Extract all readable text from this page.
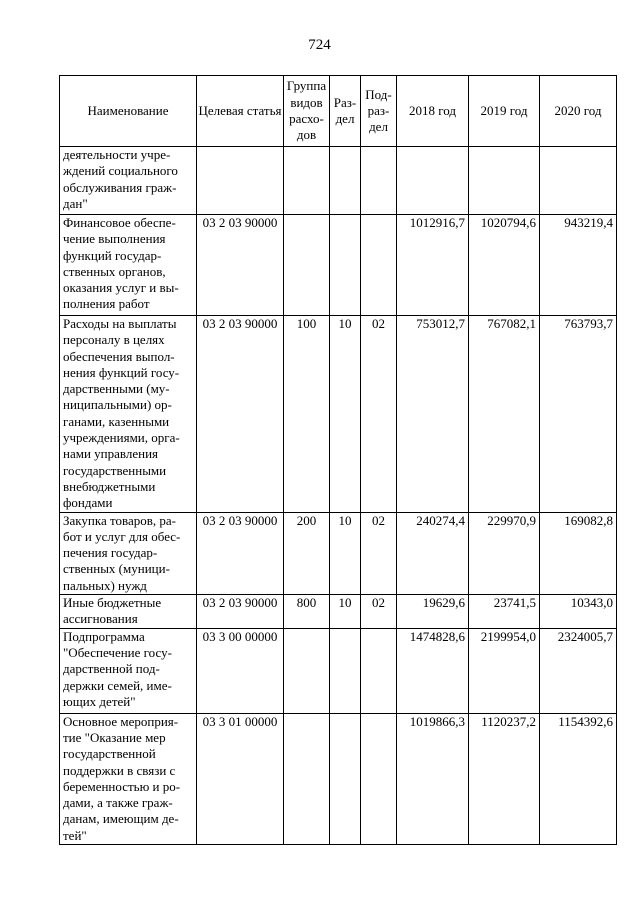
724
Наименование	Целевая статья	Группа видов расхо- дов	Раз- дел	Под- раз- дел	2018 год	2019 год	2020 год
деятельности учре- ждений социального обслуживания граж- дан"							
Финансовое обеспе- чение выполнения функций государ- ственных органов, оказания услуг и вы- полнения работ	03 2 03 90000				1012916,7	1020794,6	943219,4
Расходы на выплаты персоналу в целях обеспечения выпол- нения функций госу- дарственными (му- ниципальными) ор- ганами, казенными учреждениями, орга- нами управления государственными внебюджетными фондами	03 2 03 90000	100	10	02	753012,7	767082,1	763793,7
Закупка товаров, ра- бот и услуг для обес- печения государ- ственных (муници- пальных) нужд	03 2 03 90000	200	10	02	240274,4	229970,9	169082,8
Иные бюджетные ассигнования	03 2 03 90000	800	10	02	19629,6	23741,5	10343,0
Подпрограмма "Обеспечение госу- дарственной под- держки семей, име- ющих детей"	03 3 00 00000				1474828,6	2199954,0	2324005,7
Основное мероприя- тие "Оказание мер государственной поддержки в связи с беременностью и ро- дами, а также граж- данам, имеющим де- тей"	03 3 01 00000				1019866,3	1120237,2	1154392,6
